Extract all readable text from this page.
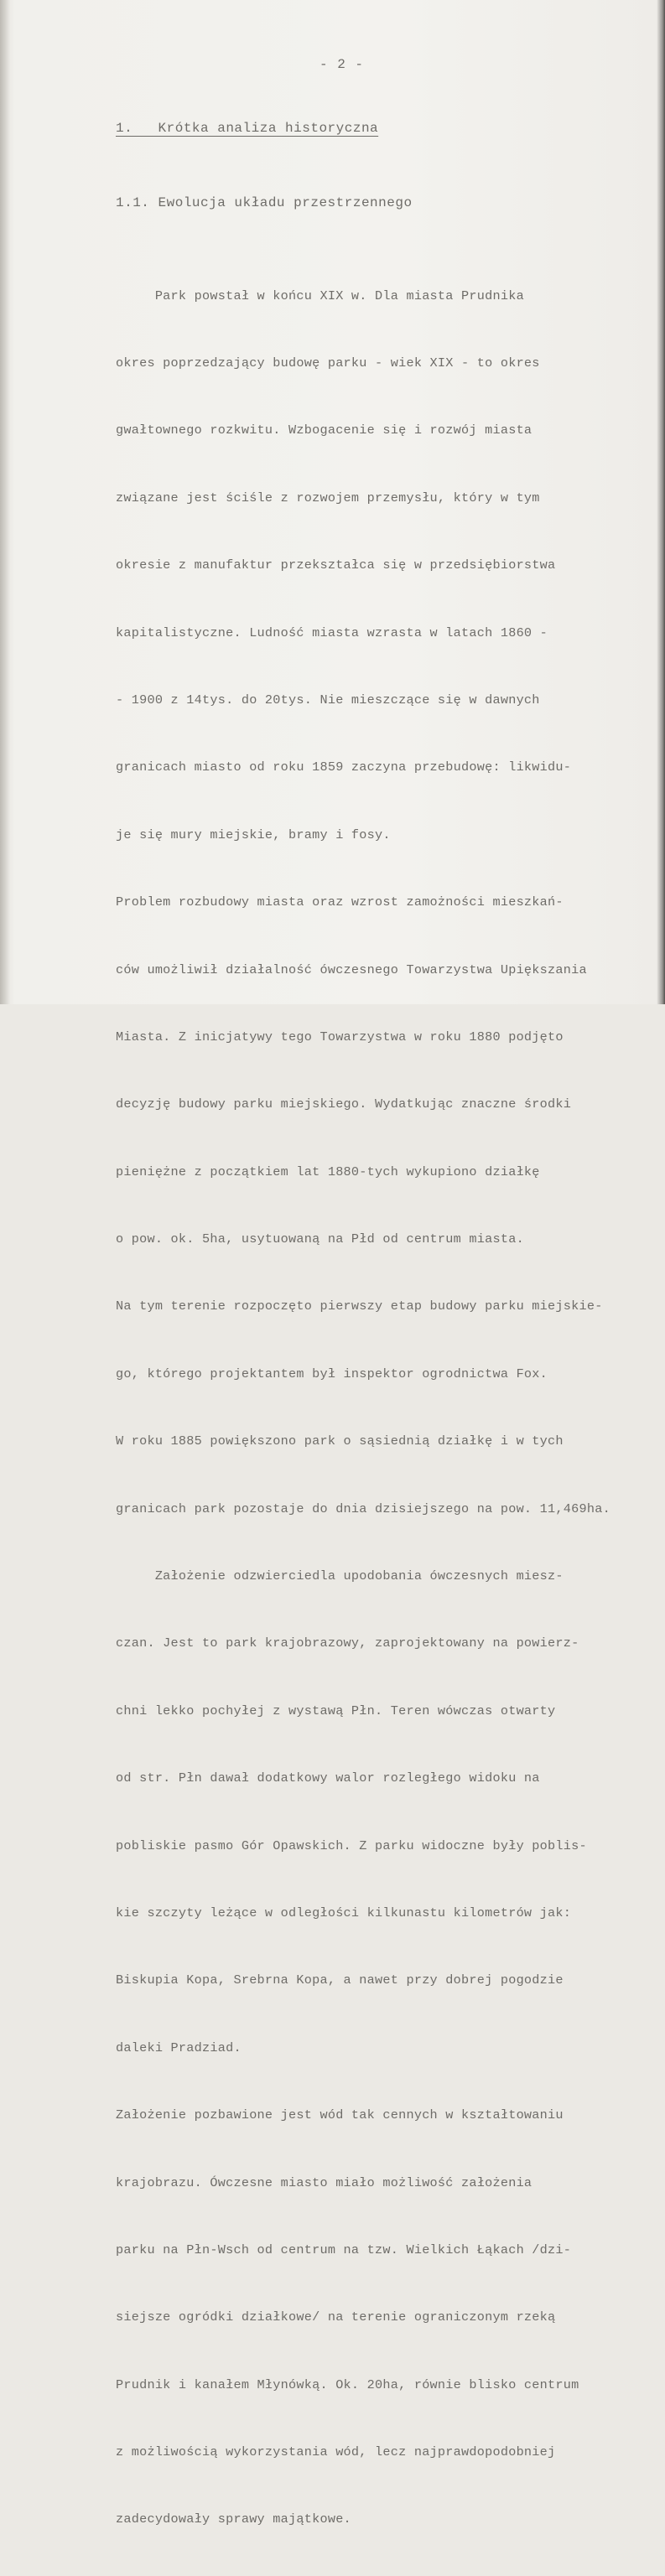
- 2 -
1.   Krótka analiza historyczna
1.1. Ewolucja układu przestrzennego

Park powstał w końcu XIX w. Dla miasta Prudnika

okres poprzedzający budowę parku - wiek XIX - to okres

gwałtownego rozkwitu. Wzbogacenie się i rozwój miasta

związane jest ściśle z rozwojem przemysłu, który w tym

okresie z manufaktur przekształca się w przedsiębiorstwa

kapitalistyczne. Ludność miasta wzrasta w latach 1860 -

- 1900 z 14tys. do 20tys. Nie mieszczące się w dawnych

granicach miasto od roku 1859 zaczyna przebudowę: likwidu-

je się mury miejskie, bramy i fosy.

Problem rozbudowy miasta oraz wzrost zamożności mieszkań-

ców umożliwił działalność ówczesnego Towarzystwa Upiększania

Miasta. Z inicjatywy tego Towarzystwa w roku 1880 podjęto

decyzję budowy parku miejskiego. Wydatkując znaczne środki

pieniężne z początkiem lat 1880-tych wykupiono działkę

o pow. ok. 5ha, usytuowaną na Płd od centrum miasta.

Na tym terenie rozpoczęto pierwszy etap budowy parku miejskie-

go, którego projektantem był inspektor ogrodnictwa Fox.

W roku 1885 powiększono park o sąsiednią działkę i w tych

granicach park pozostaje do dnia dzisiejszego na pow. 11,469ha.

Założenie odzwierciedla upodobania ówczesnych miesz-

czan. Jest to park krajobrazowy, zaprojektowany na powierz-

chni lekko pochyłej z wystawą Płn. Teren wówczas otwarty

od str. Płn dawał dodatkowy walor rozległego widoku na

pobliskie pasmo Gór Opawskich. Z parku widoczne były poblis-

kie szczyty leżące w odległości kilkunastu kilometrów jak:

Biskupia Kopa, Srebrna Kopa, a nawet przy dobrej pogodzie

daleki Pradziad.

Założenie pozbawione jest wód tak cennych w kształtowaniu

krajobrazu. Ówczesne miasto miało możliwość założenia

parku na Płn-Wsch od centrum na tzw. Wielkich Łąkach /dzi-

siejsze ogródki działkowe/ na terenie ograniczonym rzeką

Prudnik i kanałem Młynówką. Ok. 20ha, równie blisko centrum

z możliwością wykorzystania wód, lecz najprawdopodobniej

zadecydowały sprawy majątkowe.
